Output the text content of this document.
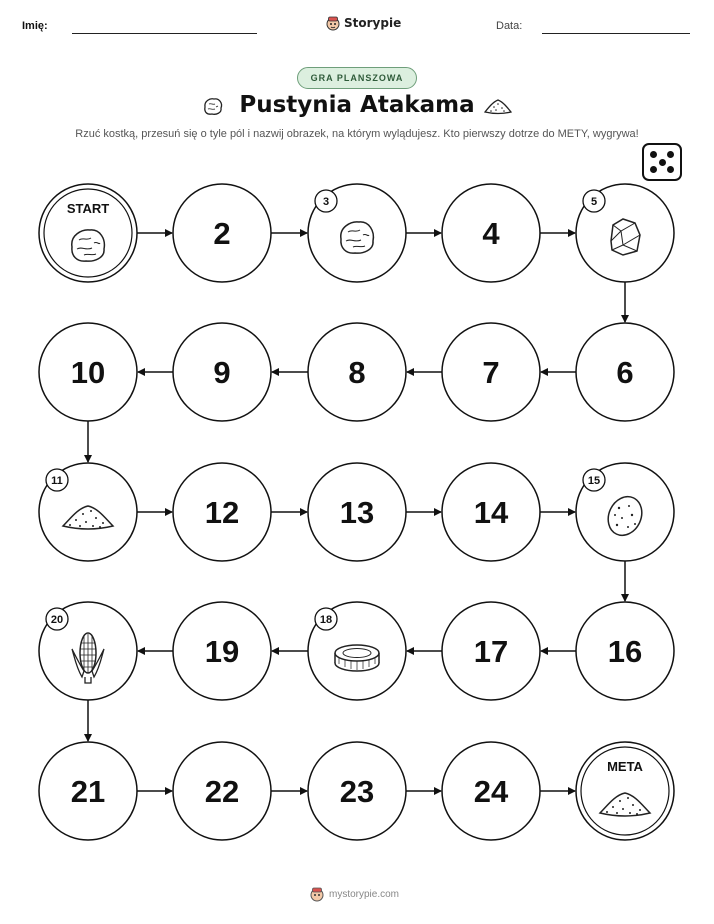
Imię:	Storypie	Data:
GRA PLANSZOWA
Pustynia Atakama
Rzuć kostką, przesuń się o tyle pól i nazwij obrazek, na którym wylądujesz. Kto pierwszy dotrze do METY, wygrywa!
START
2
3
4
5
6
7
8
9
10
11
12	13	14
15
16
17
18
19
20
21	22	23	24
META
mystorypie.com
